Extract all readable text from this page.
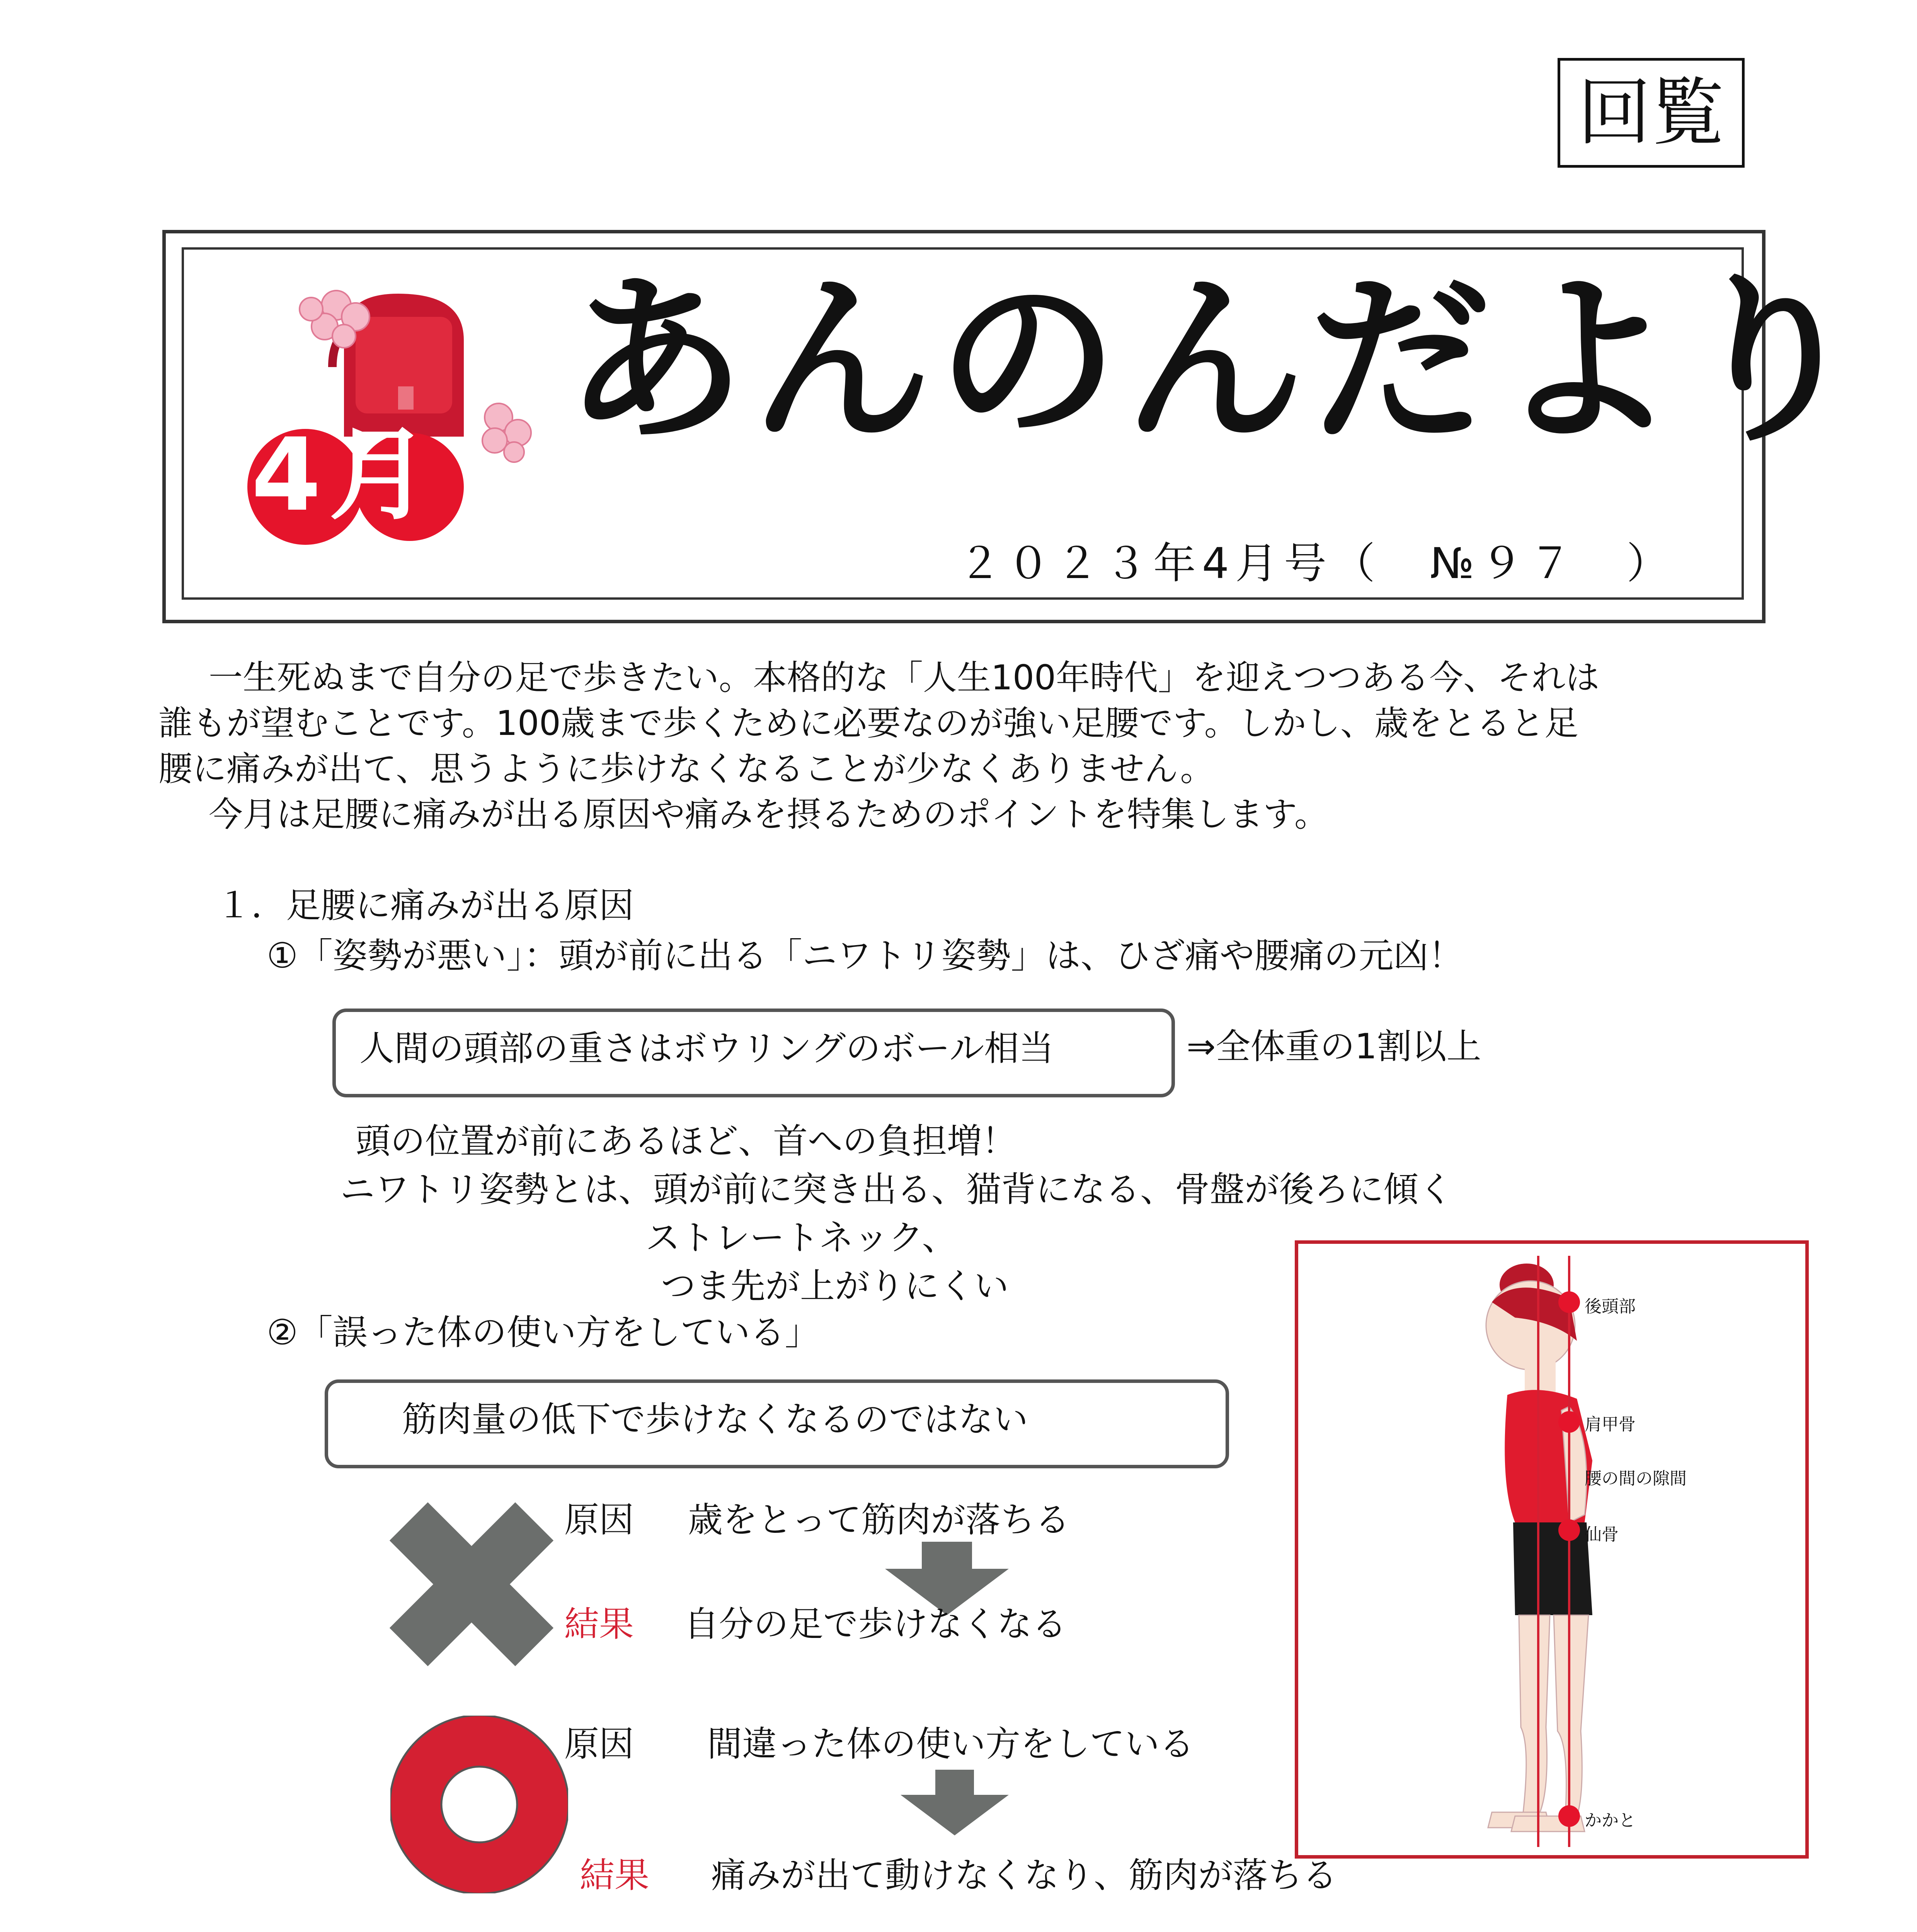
回覧
4月
あんのんだより
２０２３年4月号（　№９７　）
一生死ぬまで自分の足で歩きたい。本格的な「人生100年時代」を迎えつつある今、それは
誰もが望むことです。100歳まで歩くために必要なのが強い足腰です。しかし、歳をとると足
腰に痛みが出て、思うように歩けなくなることが少なくありません。
今月は足腰に痛みが出る原因や痛みを摂るためのポイントを特集します。
１．足腰に痛みが出る原因
①「姿勢が悪い」：頭が前に出る「ニワトリ姿勢」は、ひざ痛や腰痛の元凶！
人間の頭部の重さはボウリングのボール相当	⇒全体重の1割以上
頭の位置が前にあるほど、首への負担増！
ニワトリ姿勢とは、頭が前に突き出る、猫背になる、骨盤が後ろに傾く
ストレートネック、
つま先が上がりにくい
②「誤った体の使い方をしている」
筋肉量の低下で歩けなくなるのではない
原因 歳をとって筋肉が落ちる
結果 自分の足で歩けなくなる
原因 間違った体の使い方をしている
結果 痛みが出て動けなくなり、筋肉が落ちる
後頭部
肩甲骨
腰の間の隙間
仙骨
かかと
